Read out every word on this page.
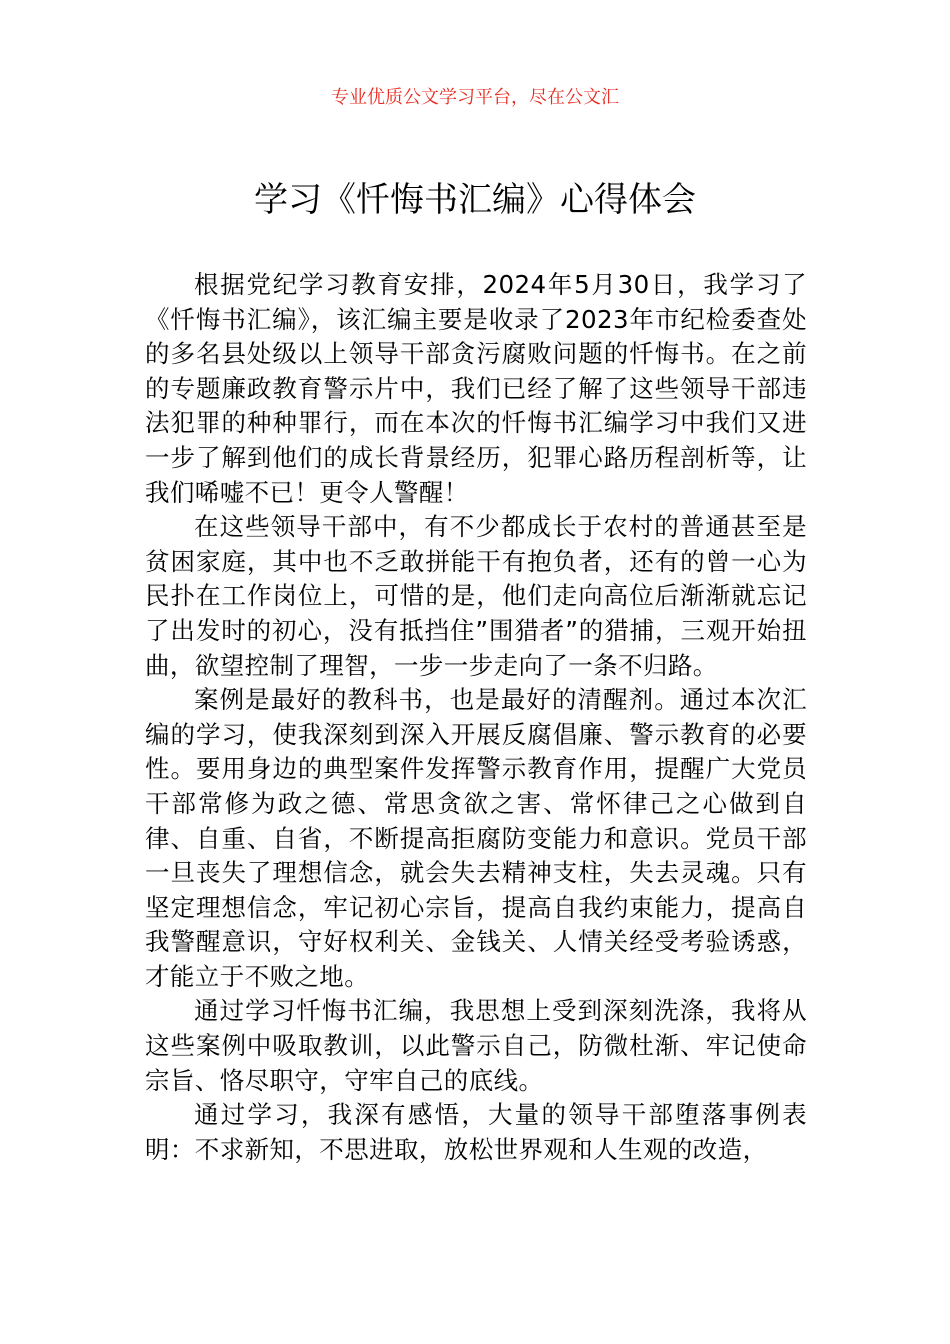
专业优质公文学习平台，尽在公文汇
学习《忏悔书汇编》心得体会

根据党纪学习教育安排，2024年5月30日，我学习了《忏悔书汇编》，该汇编主要是收录了2023年市纪检委查处的多名县处级以上领导干部贪污腐败问题的忏悔书。在之前的专题廉政教育警示片中，我们已经了解了这些领导干部违法犯罪的种种罪行，而在本次的忏悔书汇编学习中我们又进一步了解到他们的成长背景经历，犯罪心路历程剖析等，让我们唏嘘不已！更令人警醒！

在这些领导干部中，有不少都成长于农村的普通甚至是贫困家庭，其中也不乏敢拼能干有抱负者，还有的曾一心为民扑在工作岗位上，可惜的是，他们走向高位后渐渐就忘记了出发时的初心，没有抵挡住”围猎者”的猎捕，三观开始扭曲，欲望控制了理智，一步一步走向了一条不归路。

案例是最好的教科书，也是最好的清醒剂。通过本次汇编的学习，使我深刻到深入开展反腐倡廉、警示教育的必要性。要用身边的典型案件发挥警示教育作用，提醒广大党员干部常修为政之德、常思贪欲之害、常怀律己之心做到自律、自重、自省，不断提高拒腐防变能力和意识。党员干部一旦丧失了理想信念，就会失去精神支柱，失去灵魂。只有坚定理想信念，牢记初心宗旨，提高自我约束能力，提高自我警醒意识，守好权利关、金钱关、人情关经受考验诱惑，才能立于不败之地。

通过学习忏悔书汇编，我思想上受到深刻洗涤，我将从这些案例中吸取教训，以此警示自己，防微杜渐、牢记使命宗旨、恪尽职守，守牢自己的底线。

通过学习，我深有感悟，大量的领导干部堕落事例表明：不求新知，不思进取，放松世界观和人生观的改造，
